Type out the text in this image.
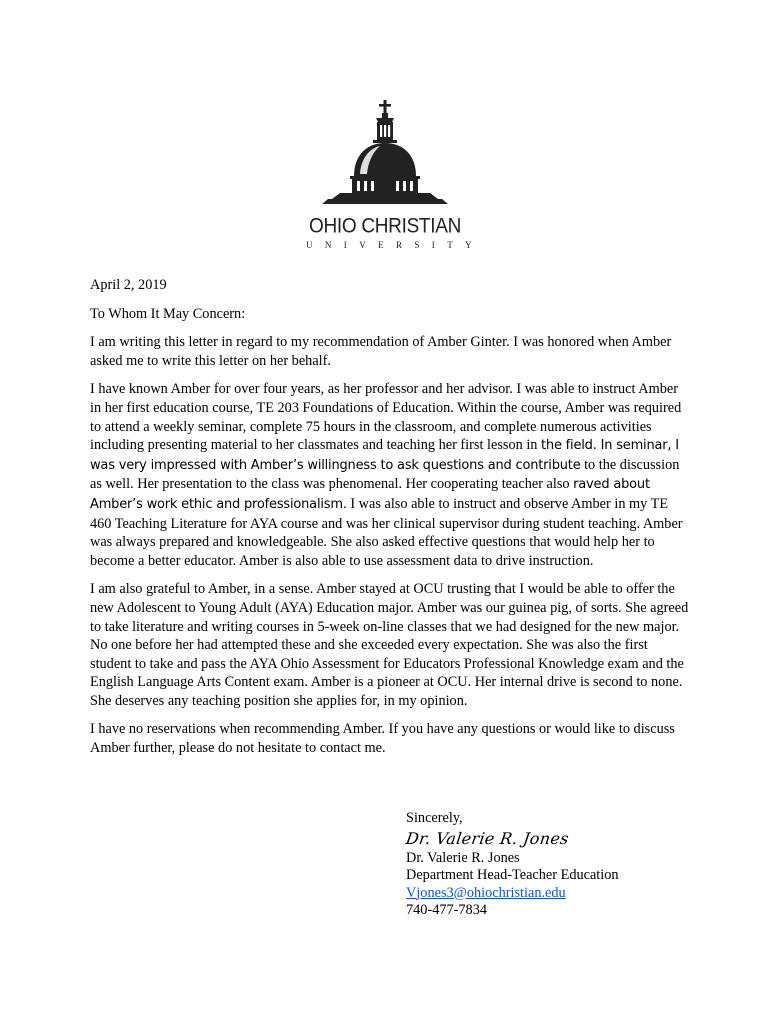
OHIO CHRISTIAN
UNIVERSITY

April 2, 2019

To Whom It May Concern:

I am writing this letter in regard to my recommendation of Amber Ginter. I was honored when Amber asked me to write this letter on her behalf.

I have known Amber for over four years, as her professor and her advisor. I was able to instruct Amber in her first education course, TE 203 Foundations of Education. Within the course, Amber was required to attend a weekly seminar, complete 75 hours in the classroom, and complete numerous activities including presenting material to her classmates and teaching her first lesson in the field. In seminar, I was very impressed with Amber’s willingness to ask questions and contribute to the discussion as well. Her presentation to the class was phenomenal. Her cooperating teacher also raved about Amber’s work ethic and professionalism. I was also able to instruct and observe Amber in my TE 460 Teaching Literature for AYA course and was her clinical supervisor during student teaching. Amber was always prepared and knowledgeable. She also asked effective questions that would help her to become a better educator. Amber is also able to use assessment data to drive instruction.

I am also grateful to Amber, in a sense. Amber stayed at OCU trusting that I would be able to offer the new Adolescent to Young Adult (AYA) Education major. Amber was our guinea pig, of sorts. She agreed to take literature and writing courses in 5-week on-line classes that we had designed for the new major. No one before her had attempted these and she exceeded every expectation. She was also the first student to take and pass the AYA Ohio Assessment for Educators Professional Knowledge exam and the English Language Arts Content exam. Amber is a pioneer at OCU. Her internal drive is second to none. She deserves any teaching position she applies for, in my opinion.

I have no reservations when recommending Amber. If you have any questions or would like to discuss Amber further, please do not hesitate to contact me.

Sincerely,
Dr. Valerie R. Jones
Dr. Valerie R. Jones
Department Head-Teacher Education
Vjones3@ohiochristian.edu
740-477-7834
